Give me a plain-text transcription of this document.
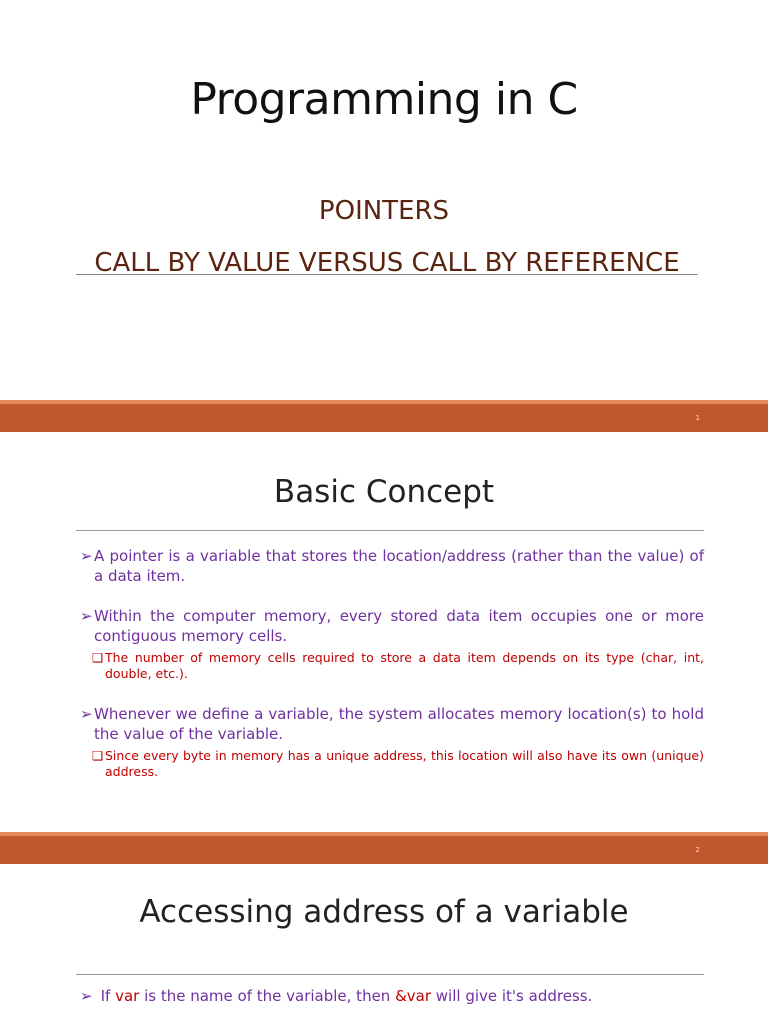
Programming in C
POINTERS
CALL BY VALUE VERSUS CALL BY REFERENCE
1
Basic Concept
➢A pointer is a variable that stores the location/address (rather than the value) of a data item.
➢Within the computer memory, every stored data item occupies one or more contiguous memory cells.
❑ The number of memory cells required to store a data item depends on its type (char, int, double, etc.).
➢Whenever we define a variable, the system allocates memory location(s) to hold the value of the variable.
❑ Since every byte in memory has a unique address, this location will also have its own (unique) address.
2
Accessing address of a variable
➢ If var is the name of the variable, then &var will give it's address.
